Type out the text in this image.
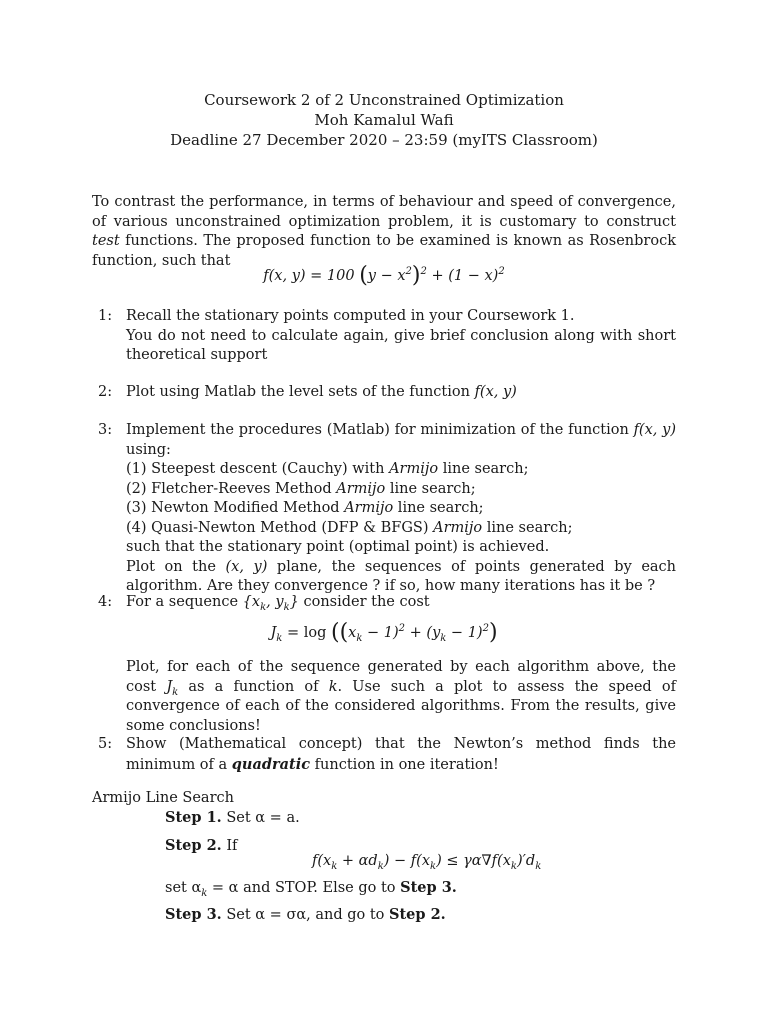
Coursework 2 of 2 Unconstrained Optimization
Moh Kamalul Wafi
Deadline 27 December 2020 – 23:59 (myITS Classroom)
To contrast the performance, in terms of behaviour and speed of convergence, of various unconstrained optimization problem, it is customary to construct test functions. The proposed function to be examined is known as Rosenbrock function, such that
f(x, y) = 100 $(y - x^2)^2 + (1 - x)^2$
1: Recall the stationary points computed in your Coursework 1.
You do not need to calculate again, give brief conclusion along with short theoretical support
2: Plot using Matlab the level sets of the function f(x, y)
3: Implement the procedures (Matlab) for minimization of the function f(x, y) using:
(1) Steepest descent (Cauchy) with Armijo line search;
(2) Fletcher-Reeves Method Armijo line search;
(3) Newton Modified Method Armijo line search;
(4) Quasi-Newton Method (DFP & BFGS) Armijo line search;
such that the stationary point (optimal point) is achieved.
Plot on the (x, y) plane, the sequences of points generated by each algorithm. Are they convergence ? if so, how many iterations has it be ?
4: For a sequence {$x_k$, $y_k$} consider the cost
$J_k = \log ((x_k - 1)^2 + (y_k - 1)^2)$
Plot, for each of the sequence generated by each algorithm above, the cost $J_k$ as a function of k. Use such a plot to assess the speed of convergence of each of the considered algorithms. From the results, give some conclusions!
5: Show (Mathematical concept) that the Newton’s method finds the minimum of a quadratic function in one iteration!
Armijo Line Search
Step 1. Set α = a.
Step 2. If
$f(x_k + \alpha d_k) - f(x_k) \le \gamma\alpha\nabla f(x_k)'d_k$
set $\alpha_k = \alpha$ and STOP. Else go to Step 3.
Step 3. Set α = σα, and go to Step 2.
